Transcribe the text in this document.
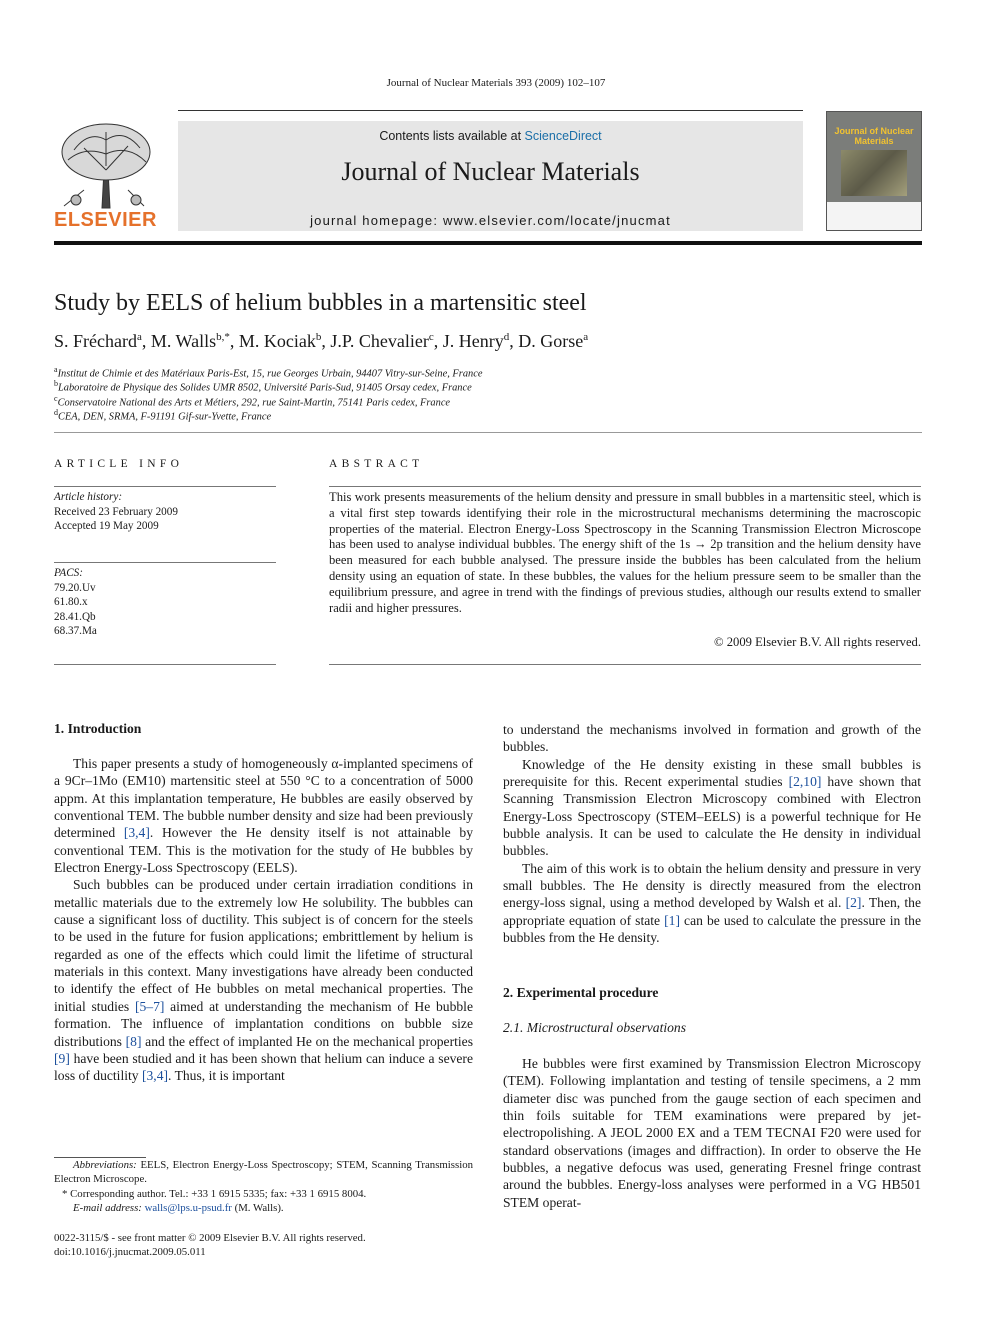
Journal of Nuclear Materials 393 (2009) 102–107
ELSEVIER
Contents lists available at ScienceDirect
Journal of Nuclear Materials
journal homepage: www.elsevier.com/locate/jnucmat
Journal of Nuclear Materials
Study by EELS of helium bubbles in a martensitic steel
S. Fréchard$^a$, M. Walls$^{b,*}$, M. Kociak$^b$, J.P. Chevalier$^c$, J. Henry$^d$, D. Gorse$^a$
$^a$Institut de Chimie et des Matériaux Paris-Est, 15, rue Georges Urbain, 94407 Vitry-sur-Seine, France
$^b$Laboratoire de Physique des Solides UMR 8502, Université Paris-Sud, 91405 Orsay cedex, France
$^c$Conservatoire National des Arts et Métiers, 292, rue Saint-Martin, 75141 Paris cedex, France
$^d$CEA, DEN, SRMA, F-91191 Gif-sur-Yvette, France
ARTICLE INFO	ABSTRACT
Article history:
Received 23 February 2009
Accepted 19 May 2009
PACS:
79.20.Uv
61.80.x
28.41.Qb
68.37.Ma
This work presents measurements of the helium density and pressure in small bubbles in a martensitic steel, which is a vital first step towards identifying their role in the microstructural mechanisms determining the macroscopic properties of the material. Electron Energy-Loss Spectroscopy in the Scanning Transmission Electron Microscope has been used to analyse individual bubbles. The energy shift of the 1s → 2p transition and the helium density have been measured for each bubble analysed. The pressure inside the bubbles has been calculated from the helium density using an equation of state. In these bubbles, the values for the helium pressure seem to be smaller than the equilibrium pressure, and agree in trend with the findings of previous studies, although our results extend to smaller radii and higher pressures.
© 2009 Elsevier B.V. All rights reserved.
1. Introduction

This paper presents a study of homogeneously α-implanted specimens of a 9Cr–1Mo (EM10) martensitic steel at 550 °C to a concentration of 5000 appm. At this implantation temperature, He bubbles are easily observed by conventional TEM. The bubble number density and size had been previously determined [3,4]. However the He density itself is not attainable by conventional TEM. This is the motivation for the study of He bubbles by Electron Energy-Loss Spectroscopy (EELS).

Such bubbles can be produced under certain irradiation conditions in metallic materials due to the extremely low He solubility. The bubbles can cause a significant loss of ductility. This subject is of concern for the steels to be used in the future for fusion applications; embrittlement by helium is regarded as one of the effects which could limit the lifetime of structural materials in this context. Many investigations have already been conducted to identify the effect of He bubbles on metal mechanical properties. The initial studies [5–7] aimed at understanding the mechanism of He bubble formation. The influence of implantation conditions on bubble size distributions [8] and the effect of implanted He on the mechanical properties [9] have been studied and it has been shown that helium can induce a severe loss of ductility [3,4]. Thus, it is important

to understand the mechanisms involved in formation and growth of the bubbles.

Knowledge of the He density existing in these small bubbles is prerequisite for this. Recent experimental studies [2,10] have shown that Scanning Transmission Electron Microscopy combined with Electron Energy-Loss Spectroscopy (STEM–EELS) is a powerful technique for He bubble analysis. It can be used to calculate the He density in individual bubbles.

The aim of this work is to obtain the helium density and pressure in very small bubbles. The He density is directly measured from the electron energy-loss signal, using a method developed by Walsh et al. [2]. Then, the appropriate equation of state [1] can be used to calculate the pressure in the bubbles from the He density.

2. Experimental procedure
2.1. Microstructural observations

He bubbles were first examined by Transmission Electron Microscopy (TEM). Following implantation and testing of tensile specimens, a 2 mm diameter disc was punched from the gauge section of each specimen and thin foils suitable for TEM examinations were prepared by jet-electropolishing. A JEOL 2000 EX and a TEM TECNAI F20 were used for standard observations (images and diffraction). In order to observe the He bubbles, a negative defocus was used, generating Fresnel fringe contrast around the bubbles. Energy-loss analyses were performed in a VG HB501 STEM operat-

Abbreviations: EELS, Electron Energy-Loss Spectroscopy; STEM, Scanning Transmission Electron Microscope.
* Corresponding author. Tel.: +33 1 6915 5335; fax: +33 1 6915 8004.
E-mail address: walls@lps.u-psud.fr (M. Walls).
0022-3115/$ - see front matter © 2009 Elsevier B.V. All rights reserved.
doi:10.1016/j.jnucmat.2009.05.011
